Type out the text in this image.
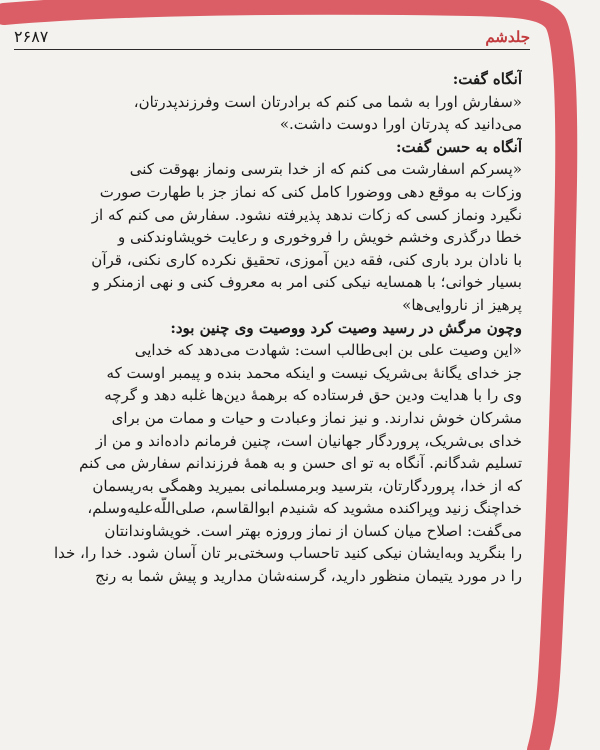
جلدشم
۲۶۸۷
آنگاه گفت:
«سفارش اورا به شما می کنم که برادرتان است وفرزندپدرتان،
می‌دانید که پدرتان اورا دوست داشت.»
آنگاه به حسن گفت:
«پسرکم اسفارشت می کنم که از خدا بترسی ونماز بهوقت کنی
وزکات به موقع دهی ووضورا کامل کنی که نماز جز با طهارت صورت
نگیرد ونماز کسی که زکات ندهد پذیرفته نشود. سفارش می کنم که از
خطا درگذری وخشم خویش را فروخوری و رعایت خویشاوندکنی و
با نادان برد باری کنی، فقه دین آموزی، تحقیق نکرده کاری نکنی، قرآن
بسیار خوانی؛ با همسایه نیکی کنی امر به معروف کنی و نهی ازمنکر و
پرهیز از ناروایی‌ها»
وچون مرگش در رسید وصیت کرد ووصیت وی چنین بود:
«این وصیت علی بن ابی‌طالب است: شهادت می‌دهد که خدایی
جز خدای یگانهٔ بی‌شریک نیست و اینکه محمد بنده و پیمبر اوست که
وی را با هدایت ودین حق فرستاده که برهمهٔ دین‌ها غلبه دهد و گرچه
مشرکان خوش ندارند. و نیز نماز وعبادت و حیات و ممات من برای
خدای بی‌شریک، پروردگار جهانیان است، چنین فرمانم داده‌اند و من از
تسلیم شدگانم. آنگاه به تو ای حسن و به همهٔ فرزندانم سفارش می کنم
که از خدا، پروردگارتان، بترسید وبرمسلمانی بمیرید وهمگی به‌ریسمان
خداچنگ زنید وپراکنده مشوید که شنیدم ابوالقاسم، صلی‌اللّه‌علیه‌وسلم،
می‌گفت: اصلاح میان کسان از نماز وروزه بهتر است. خویشاوندانتان
را بنگرید وبه‌ایشان نیکی کنید تاحساب وسختی‌بر تان آسان شود. خدا را، خدا
را در مورد یتیمان منظور دارید، گرسنه‌شان مدارید و پیش شما به رنج
